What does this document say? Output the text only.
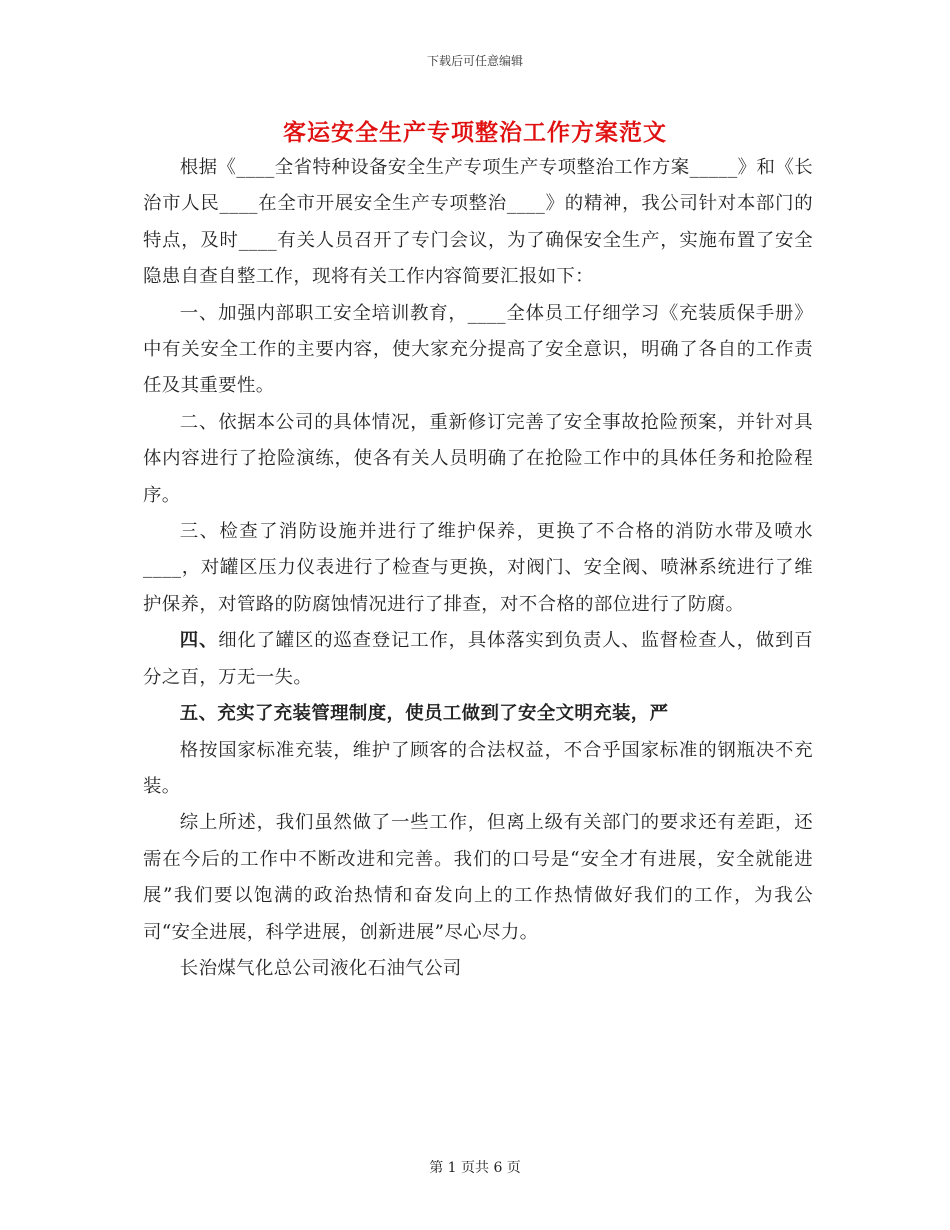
下载后可任意编辑
客运安全生产专项整治工作方案范文

根据《____全省特种设备安全生产专项生产专项整治工作方案_____》和《长治市人民____在全市开展安全生产专项整治____》的精神，我公司针对本部门的特点，及时____有关人员召开了专门会议，为了确保安全生产，实施布置了安全隐患自查自整工作，现将有关工作内容简要汇报如下：

一、加强内部职工安全培训教育，____全体员工仔细学习《充装质保手册》中有关安全工作的主要内容，使大家充分提高了安全意识，明确了各自的工作责任及其重要性。

二、依据本公司的具体情况，重新修订完善了安全事故抢险预案，并针对具体内容进行了抢险演练，使各有关人员明确了在抢险工作中的具体任务和抢险程序。

三、检查了消防设施并进行了维护保养，更换了不合格的消防水带及喷水____，对罐区压力仪表进行了检查与更换，对阀门、安全阀、喷淋系统进行了维护保养，对管路的防腐蚀情况进行了排查，对不合格的部位进行了防腐。

四、细化了罐区的巡查登记工作，具体落实到负责人、监督检查人，做到百分之百，万无一失。

五、充实了充装管理制度，使员工做到了安全文明充装，严

格按国家标准充装，维护了顾客的合法权益，不合乎国家标准的钢瓶决不充装。

综上所述，我们虽然做了一些工作，但离上级有关部门的要求还有差距，还需在今后的工作中不断改进和完善。我们的口号是“安全才有进展，安全就能进展”我们要以饱满的政治热情和奋发向上的工作热情做好我们的工作，为我公司“安全进展，科学进展，创新进展”尽心尽力。

长治煤气化总公司液化石油气公司

第 1 页共 6 页
